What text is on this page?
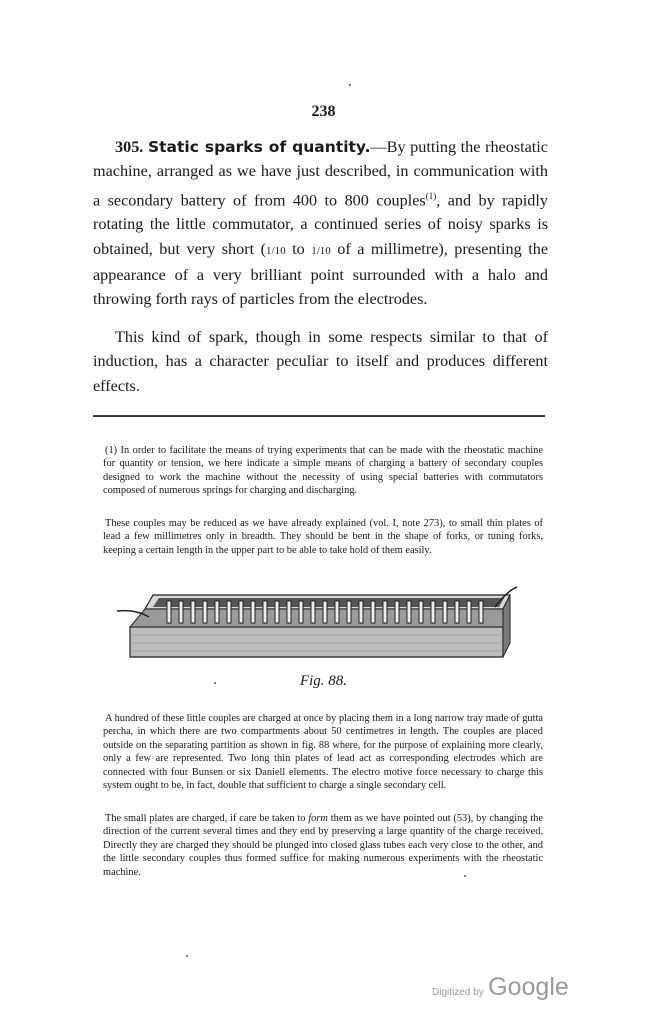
238

305. Static sparks of quantity.—By putting the rheostatic machine, arranged as we have just described, in communication with a secondary battery of from 400 to 800 couples$^{(1)}$, and by rapidly rotating the little commutator, a continued series of noisy sparks is obtained, but very short (1/10 to 1/10 of a millimetre), presenting the appearance of a very brilliant point surrounded with a halo and throwing forth rays of particles from the electrodes.

This kind of spark, though in some respects similar to that of induction, has a character peculiar to itself and produces different effects.

(1) In order to facilitate the means of trying experiments that can be made with the rheostatic machine for quantity or tension, we here indicate a simple means of charging a battery of secondary couples designed to work the machine without the necessity of using special batteries with commutators composed of numerous springs for charging and discharging.

These couples may be reduced as we have already explained (vol. I, note 273), to small thin plates of lead a few millimetres only in breadth. They should be bent in the shape of forks, or tuning forks, keeping a certain length in the upper part to be able to take hold of them easily.

Fig. 88.

A hundred of these little couples are charged at once by placing them in a long narrow tray made of gutta percha, in which there are two compartments about 50 centimetres in length. The couples are placed outside on the separating partition as shown in fig. 88 where, for the purpose of explaining more clearly, only a few are represented. Two long thin plates of lead act as corresponding electrodes which are connected with four Bunsen or six Daniell elements. The electro motive force necessary to charge this system ought to be, in fact, double that sufficient to charge a single secondary cell.

The small plates are charged, if care be taken to form them as we have pointed out (53), by changing the direction of the current several times and they end by preserving a large quantity of the charge received. Directly they are charged they should be plunged into closed glass tubes each very close to the other, and the little secondary couples thus formed suffice for making numerous experiments with the rheostatic machine.

Digitized by Google
